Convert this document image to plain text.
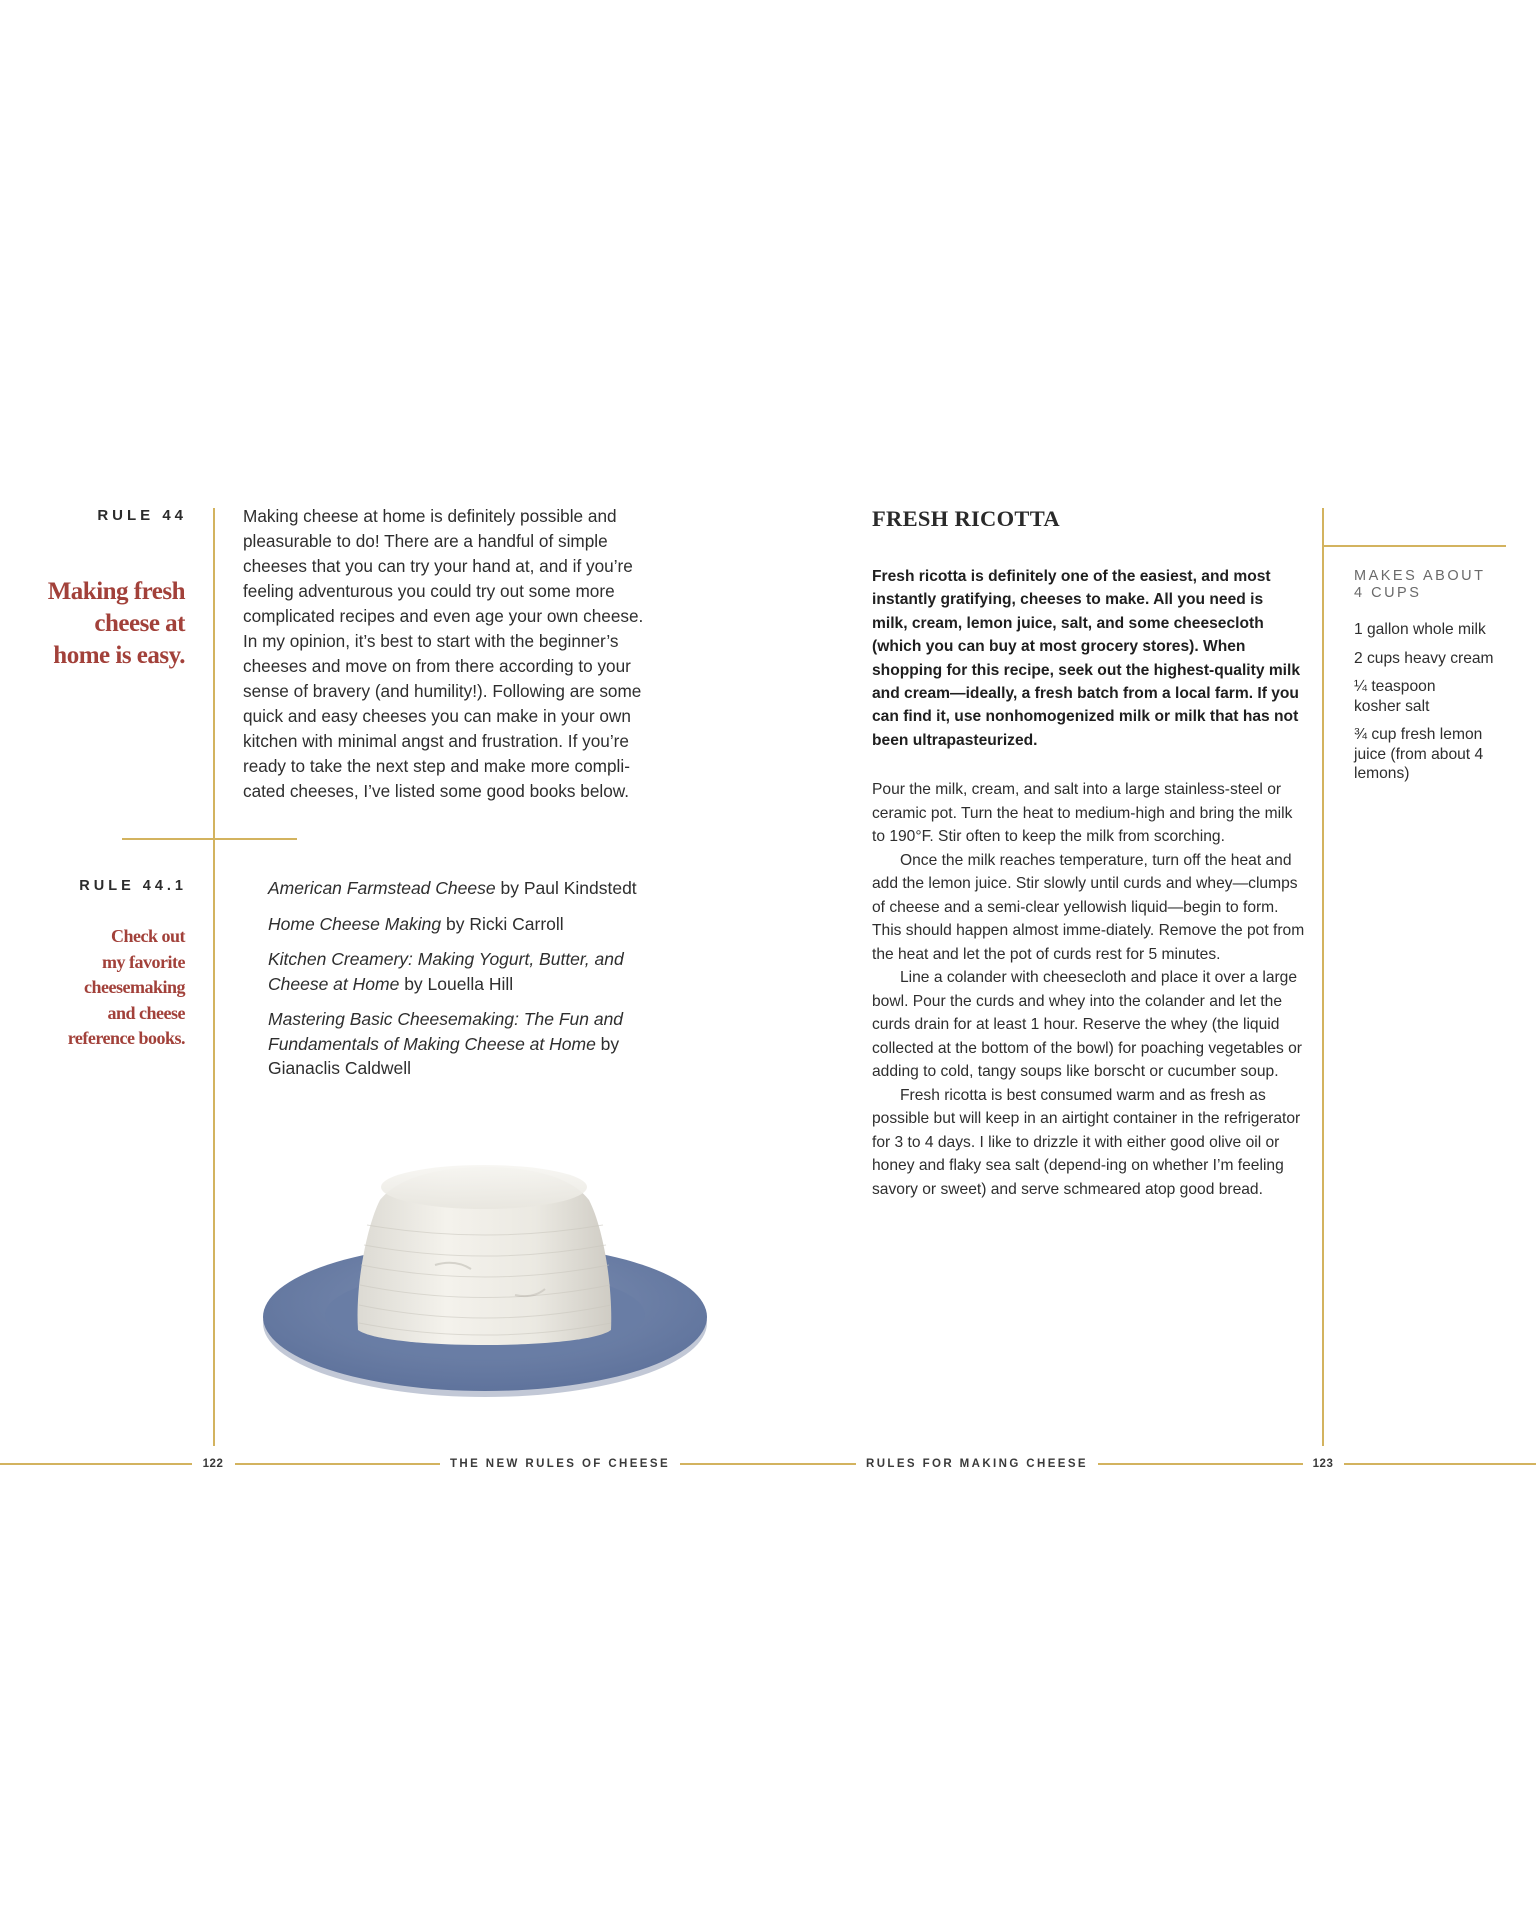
RULE 44
Making fresh
cheese at
home is easy.
Making cheese at home is definitely possible and pleasurable to do! There are a handful of simple cheeses that you can try your hand at, and if you’re feeling adventurous you could try out some more complicated recipes and even age your own cheese. In my opinion, it’s best to start with the beginner’s cheeses and move on from there according to your sense of bravery (and humility!). Following are some quick and easy cheeses you can make in your own kitchen with minimal angst and frustration. If you’re ready to take the next step and make more compli-cated cheeses, I’ve listed some good books below.
RULE 44.1
Check out
my favorite
cheesemaking
and cheese
reference books.
American Farmstead Cheese by Paul Kindstedt
Home Cheese Making by Ricki Carroll
Kitchen Creamery: Making Yogurt, Butter, and Cheese at Home by Louella Hill
Mastering Basic Cheesemaking: The Fun and Fundamentals of Making Cheese at Home by Gianaclis Caldwell
122	THE NEW RULES OF CHEESE
FRESH RICOTTA
Fresh ricotta is definitely one of the easiest, and most instantly gratifying, cheeses to make. All you need is milk, cream, lemon juice, salt, and some cheesecloth (which you can buy at most grocery stores). When shopping for this recipe, seek out the highest-quality milk and cream—ideally, a fresh batch from a local farm. If you can find it, use nonhomogenized milk or milk that has not been ultrapasteurized.

Pour the milk, cream, and salt into a large stainless-steel or ceramic pot. Turn the heat to medium-high and bring the milk to 190°F. Stir often to keep the milk from scorching.

Once the milk reaches temperature, turn off the heat and add the lemon juice. Stir slowly until curds and whey—clumps of cheese and a semi-clear yellowish liquid—begin to form. This should happen almost imme-diately. Remove the pot from the heat and let the pot of curds rest for 5 minutes.

Line a colander with cheesecloth and place it over a large bowl. Pour the curds and whey into the colander and let the curds drain for at least 1 hour. Reserve the whey (the liquid collected at the bottom of the bowl) for poaching vegetables or adding to cold, tangy soups like borscht or cucumber soup.

Fresh ricotta is best consumed warm and as fresh as possible but will keep in an airtight container in the refrigerator for 3 to 4 days. I like to drizzle it with either good olive oil or honey and flaky sea salt (depend-ing on whether I’m feeling savory or sweet) and serve schmeared atop good bread.

MAKES ABOUT
4 CUPS
1 gallon whole milk
2 cups heavy cream
¼ teaspoon kosher salt
¾ cup fresh lemon juice (from about 4 lemons)
RULES FOR MAKING CHEESE	123
